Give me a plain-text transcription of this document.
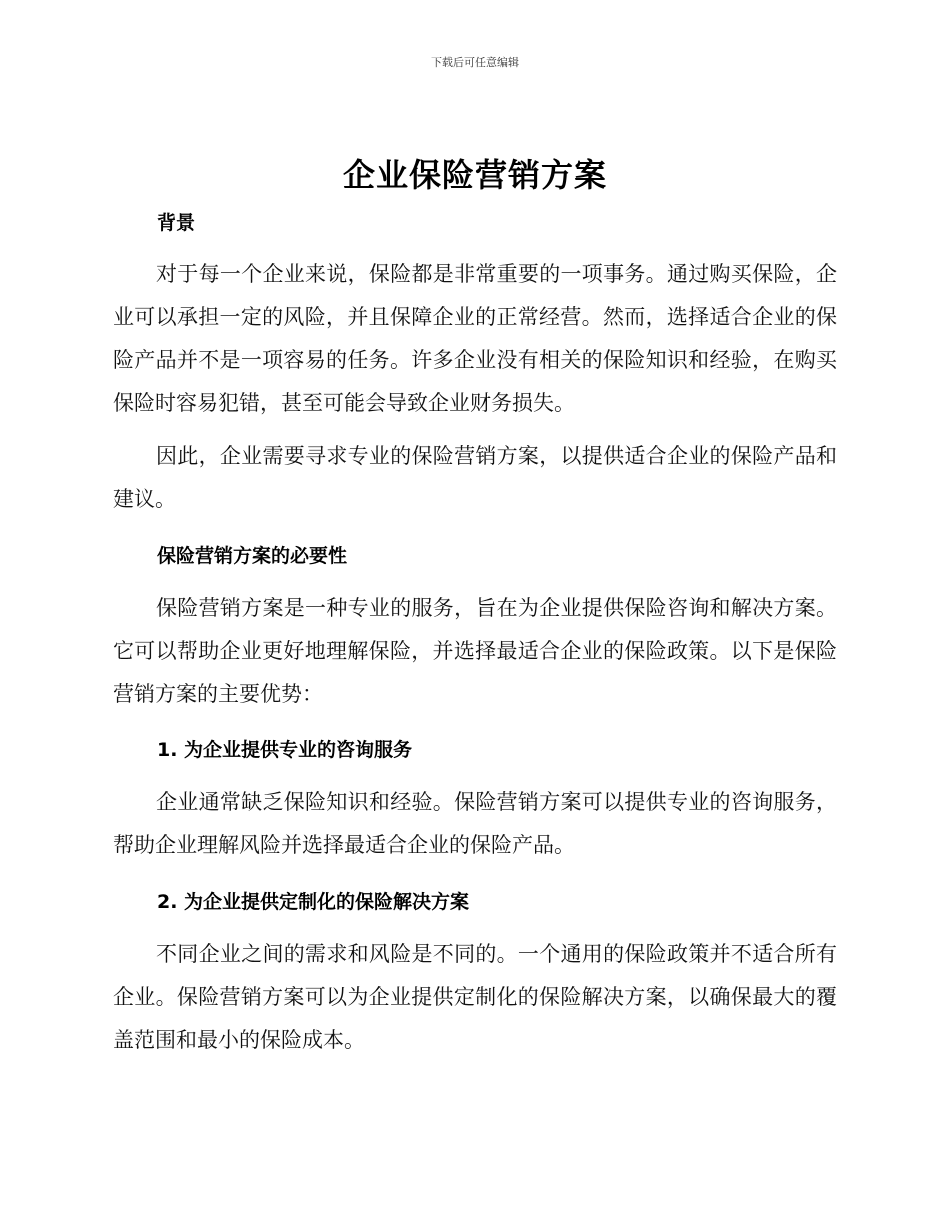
下载后可任意编辑
企业保险营销方案
背景

对于每一个企业来说，保险都是非常重要的一项事务。通过购买保险，企业可以承担一定的风险，并且保障企业的正常经营。然而，选择适合企业的保险产品并不是一项容易的任务。许多企业没有相关的保险知识和经验，在购买保险时容易犯错，甚至可能会导致企业财务损失。

因此，企业需要寻求专业的保险营销方案，以提供适合企业的保险产品和建议。

保险营销方案的必要性

保险营销方案是一种专业的服务，旨在为企业提供保险咨询和解决方案。它可以帮助企业更好地理解保险，并选择最适合企业的保险政策。以下是保险营销方案的主要优势：

1. 为企业提供专业的咨询服务

企业通常缺乏保险知识和经验。保险营销方案可以提供专业的咨询服务，帮助企业理解风险并选择最适合企业的保险产品。

2. 为企业提供定制化的保险解决方案

不同企业之间的需求和风险是不同的。一个通用的保险政策并不适合所有企业。保险营销方案可以为企业提供定制化的保险解决方案，以确保最大的覆盖范围和最小的保险成本。
